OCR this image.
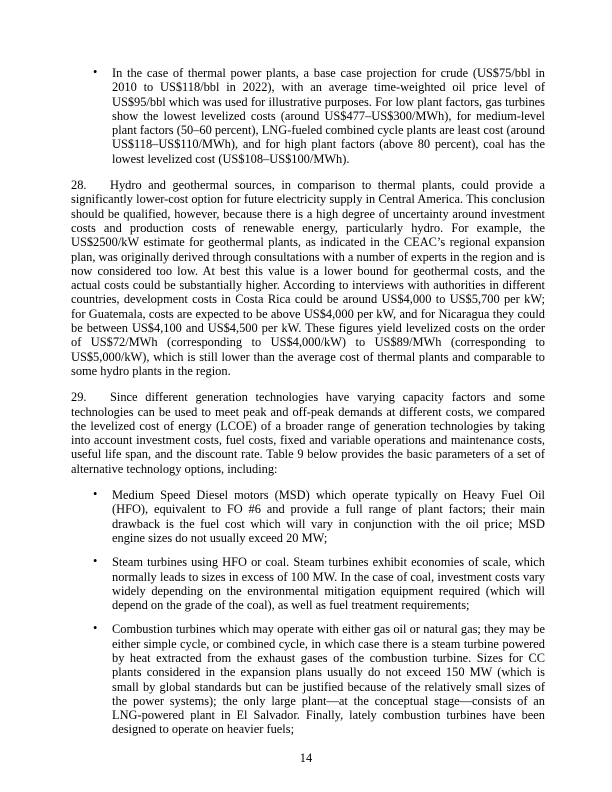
• In the case of thermal power plants, a base case projection for crude (US$75/bbl in 2010 to US$118/bbl in 2022), with an average time-weighted oil price level of US$95/bbl which was used for illustrative purposes. For low plant factors, gas turbines show the lowest levelized costs (around US$477–US$300/MWh), for medium-level plant factors (50–60 percent), LNG-fueled combined cycle plants are least cost (around US$118–US$110/MWh), and for high plant factors (above 80 percent), coal has the lowest levelized cost (US$108–US$100/MWh).

28. Hydro and geothermal sources, in comparison to thermal plants, could provide a significantly lower-cost option for future electricity supply in Central America. This conclusion should be qualified, however, because there is a high degree of uncertainty around investment costs and production costs of renewable energy, particularly hydro. For example, the US$2500/kW estimate for geothermal plants, as indicated in the CEAC’s regional expansion plan, was originally derived through consultations with a number of experts in the region and is now considered too low. At best this value is a lower bound for geothermal costs, and the actual costs could be substantially higher. According to interviews with authorities in different countries, development costs in Costa Rica could be around US$4,000 to US$5,700 per kW; for Guatemala, costs are expected to be above US$4,000 per kW, and for Nicaragua they could be between US$4,100 and US$4,500 per kW. These figures yield levelized costs on the order of US$72/MWh (corresponding to US$4,000/kW) to US$89/MWh (corresponding to US$5,000/kW), which is still lower than the average cost of thermal plants and comparable to some hydro plants in the region.

29. Since different generation technologies have varying capacity factors and some technologies can be used to meet peak and off-peak demands at different costs, we compared the levelized cost of energy (LCOE) of a broader range of generation technologies by taking into account investment costs, fuel costs, fixed and variable operations and maintenance costs, useful life span, and the discount rate. Table 9 below provides the basic parameters of a set of alternative technology options, including:

• Medium Speed Diesel motors (MSD) which operate typically on Heavy Fuel Oil (HFO), equivalent to FO #6 and provide a full range of plant factors; their main drawback is the fuel cost which will vary in conjunction with the oil price; MSD engine sizes do not usually exceed 20 MW;
• Steam turbines using HFO or coal. Steam turbines exhibit economies of scale, which normally leads to sizes in excess of 100 MW. In the case of coal, investment costs vary widely depending on the environmental mitigation equipment required (which will depend on the grade of the coal), as well as fuel treatment requirements;
• Combustion turbines which may operate with either gas oil or natural gas; they may be either simple cycle, or combined cycle, in which case there is a steam turbine powered by heat extracted from the exhaust gases of the combustion turbine. Sizes for CC plants considered in the expansion plans usually do not exceed 150 MW (which is small by global standards but can be justified because of the relatively small sizes of the power systems); the only large plant—at the conceptual stage—consists of an LNG-powered plant in El Salvador. Finally, lately combustion turbines have been designed to operate on heavier fuels;
14
